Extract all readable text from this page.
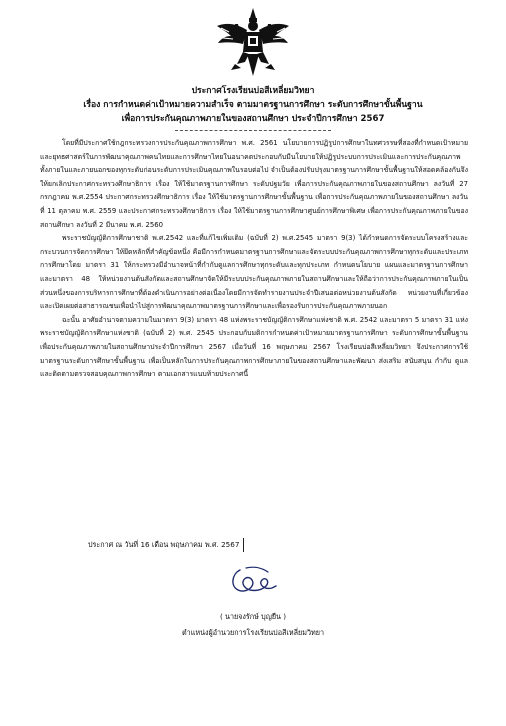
ประกาศโรงเรียนบ่อสีเหลี่ยมวิทยา
เรื่อง การกำหนดค่าเป้าหมายความสำเร็จ ตามมาตรฐานการศึกษา ระดับการศึกษาขั้นพื้นฐาน
เพื่อการประกันคุณภาพภายในของสถานศึกษา ประจำปีการศึกษา 2567

โดยที่มีประกาศใช้กฎกระทรวงการประกันคุณภาพการศึกษา พ.ศ. 2561 นโยบายการปฏิรูปการศึกษาในทศวรรษที่สองที่กำหนดเป้าหมายและยุทธศาสตร์ในการพัฒนาคุณภาพคนไทยและการศึกษาไทยในอนาคตประกอบกับมีนโยบายให้ปฏิรูประบบการประเมินและการประกันคุณภาพทั้งภายในและภายนอกของทุกระดับก่อนระดับการประเมินคุณภาพในรอบต่อไป จำเป็นต้องปรับปรุงมาตรฐานการศึกษาขั้นพื้นฐานให้สอดคล้องกันจึงให้ยกเลิกประกาศกระทรวงศึกษาธิการ เรื่อง ให้ใช้มาตรฐานการศึกษา ระดับปฐมวัย เพื่อการประกันคุณภาพภายในของสถานศึกษา ลงวันที่ 27 กรกฎาคม พ.ศ.2554 ประกาศกระทรวงศึกษาธิการ เรื่อง ให้ใช้มาตรฐานการศึกษาขั้นพื้นฐาน เพื่อการประกันคุณภาพภายในของสถานศึกษา ลงวันที่ 11 ตุลาคม พ.ศ. 2559 และประกาศกระทรวงศึกษาธิการ เรื่อง ให้ใช้มาตรฐานการศึกษาศูนย์การศึกษาพิเศษ เพื่อการประกันคุณภาพภายในของสถานศึกษา ลงวันที่ 2 มีนาคม พ.ศ. 2560

พระราชบัญญัติการศึกษาชาติ พ.ศ.2542 และที่แก้ไขเพิ่มเติม (ฉบับที่ 2) พ.ศ.2545 มาตรา 9(3) ได้กำหนดการจัดระบบโครงสร้างและกระบวนการจัดการศึกษา ให้ยึดหลักที่สำคัญข้อหนึ่ง คือมีการกำหนดมาตรฐานการศึกษาและจัดระบบประกันคุณภาพการศึกษาทุกระดับและประเภทการศึกษาโดย มาตรา 31 ให้กระทรวงมีอำนาจหน้าที่กำกับดูแลการศึกษาทุกระดับและทุกประเภท กำหนดนโยบาย แผนและมาตรฐานการศึกษา และมาตรา 48 ให้หน่วยงานต้นสังกัดและสถานศึกษาจัดให้มีระบบประกันคุณภาพภายในสถานศึกษาและให้ถือว่าการประกันคุณภาพภายในเป็นส่วนหนึ่งของการบริหารการศึกษาที่ต้องดำเนินการอย่างต่อเนื่องโดยมีการจัดทำรายงานประจำปีเสนอต่อหน่วยงานต้นสังกัด หน่วยงานที่เกี่ยวข้องและเปิดเผยต่อสาธารณชนเพื่อนำไปสู่การพัฒนาคุณภาพมาตรฐานการศึกษาและเพื่อรองรับการประกันคุณภาพภายนอก

ฉะนั้น อาศัยอำนาจตามความในมาตรา 9(3) มาตรา 48 แห่งพระราชบัญญัติการศึกษาแห่งชาติ พ.ศ. 2542 และมาตรา 5 มาตรา 31 แห่งพระราชบัญญัติการศึกษาแห่งชาติ (ฉบับที่ 2) พ.ศ. 2545 ประกอบกับมติการกำหนดค่าเป้าหมายมาตรฐานการศึกษา ระดับการศึกษาขั้นพื้นฐาน เพื่อประกันคุณภาพภายในสถานศึกษาประจำปีการศึกษา 2567 เมื่อวันที่ 16 พฤษภาคม 2567 โรงเรียนบ่อสีเหลี่ยมวิทยา จึงประกาศการใช้มาตรฐานระดับการศึกษาขั้นพื้นฐาน เพื่อเป็นหลักในการประกันคุณภาพการศึกษาภายในของสถานศึกษาและพัฒนา ส่งเสริม สนับสนุน กำกับ ดูแลและติดตามตรวจสอบคุณภาพการศึกษา ตามเอกสารแนบท้ายประกาศนี้

ประกาศ ณ วันที่ 16 เดือน พฤษภาคม พ.ศ. 2567
( นายจงรักษ์ บุญยืน )
ตำแหน่งผู้อำนวยการโรงเรียนบ่อสีเหลี่ยมวิทยา
